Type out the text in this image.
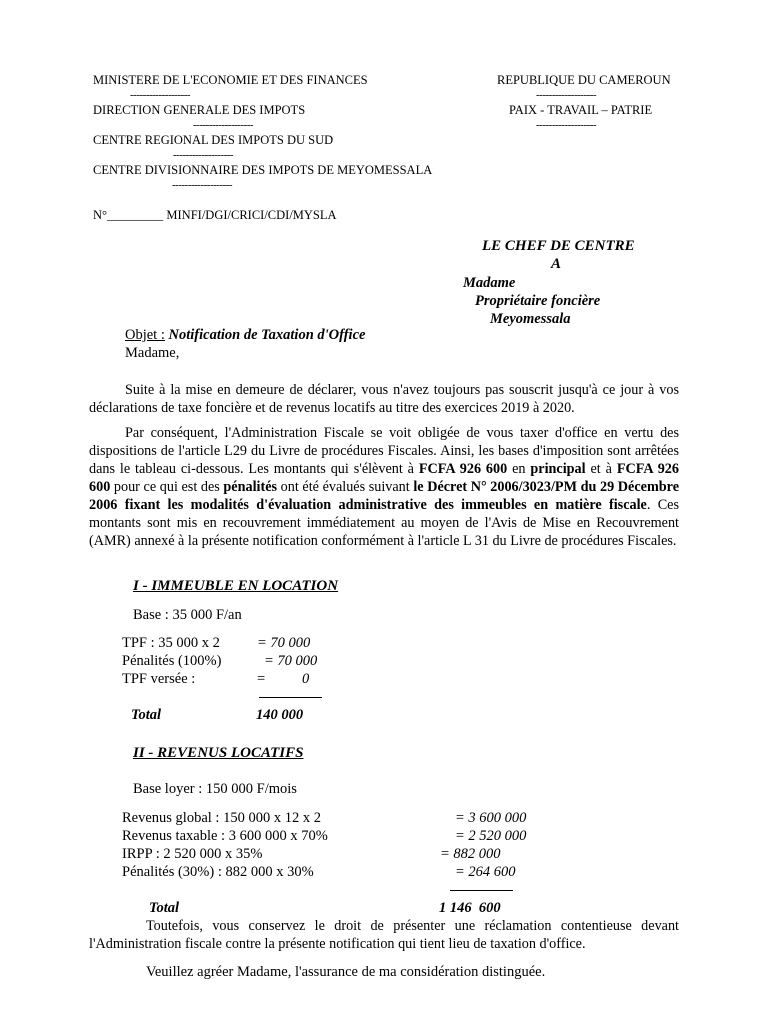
MINISTERE DE L'ECONOMIE ET DES FINANCES
-------------------
DIRECTION GENERALE DES IMPOTS
-------------------
CENTRE REGIONAL DES IMPOTS DU SUD
-------------------
CENTRE DIVISIONNAIRE DES IMPOTS DE MEYOMESSALA
-------------------
REPUBLIQUE DU CAMEROUN
-------------------
PAIX - TRAVAIL – PATRIE
-------------------
N°_________ MINFI/DGI/CRICI/CDI/MYSLA
LE CHEF DE CENTRE
A
Madame
Propriétaire foncière
Meyomessala
Objet : Notification de Taxation d'Office
Madame,

Suite à la mise en demeure de déclarer, vous n'avez toujours pas souscrit jusqu'à ce jour à vos déclarations de taxe foncière et de revenus locatifs au titre des exercices 2019 à 2020.

Par conséquent, l'Administration Fiscale se voit obligée de vous taxer d'office en vertu des dispositions de l'article L29 du Livre de procédures Fiscales. Ainsi, les bases d'imposition sont arrêtées dans le tableau ci-dessous. Les montants qui s'élèvent à FCFA 926 600 en principal et à FCFA 926 600 pour ce qui est des pénalités ont été évalués suivant le Décret N° 2006/3023/PM du 29 Décembre 2006 fixant les modalités d'évaluation administrative des immeubles en matière fiscale. Ces montants sont mis en recouvrement immédiatement au moyen de l'Avis de Mise en Recouvrement (AMR) annexé à la présente notification conformément à l'article L 31 du Livre de procédures Fiscales.

I - IMMEUBLE EN LOCATION
Base : 35 000 F/an
TPF : 35 000 x 2	= 70 000
Pénalités (100%)	= 70 000
TPF versée :	=	0
Total	140 000
II - REVENUS LOCATIFS
Base loyer : 150 000 F/mois
Revenus global : 150 000 x 12 x 2	= 3 600 000
Revenus taxable : 3 600 000 x 70%	= 2 520 000
IRPP : 2 520 000 x 35%	= 882 000
Pénalités (30%) : 882 000 x 30%	= 264 600
Total	1 146  600

Toutefois, vous conservez le droit de présenter une réclamation contentieuse devant l'Administration fiscale contre la présente notification qui tient lieu de taxation d'office.

Veuillez agréer Madame, l'assurance de ma considération distinguée.
